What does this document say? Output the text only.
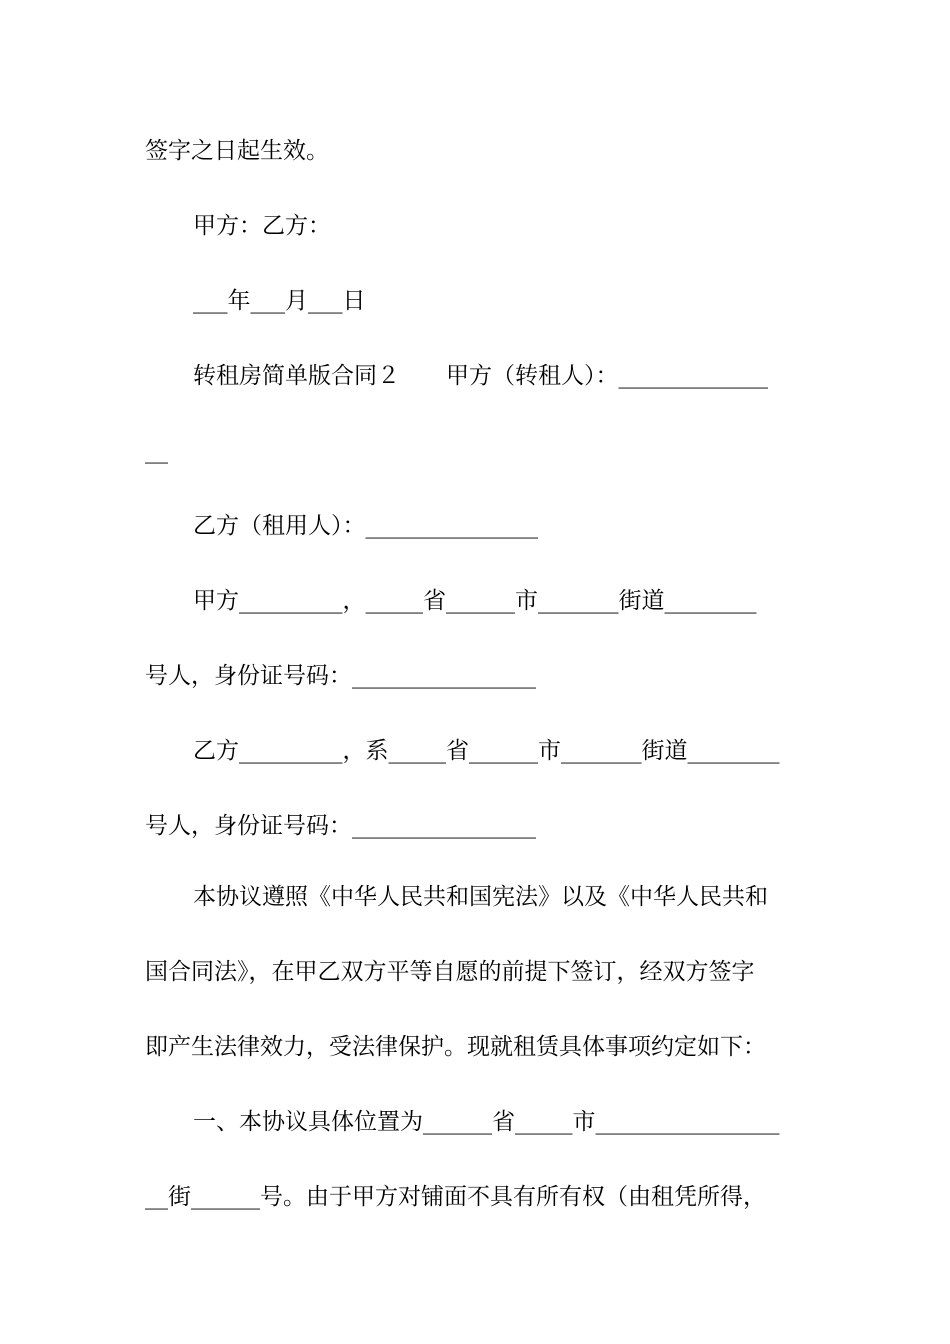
签字之日起生效。
甲方：乙方：
___年___月___日
转租房简单版合同２　　甲方（转租人）：_____________
__
乙方（租用人）：_______________
甲方_________，_____省______市_______街道________
号人，身份证号码：________________
乙方_________，系_____省______市_______街道________
号人，身份证号码：________________
本协议遵照《中华人民共和国宪法》以及《中华人民共和
国合同法》，在甲乙双方平等自愿的前提下签订，经双方签字
即产生法律效力，受法律保护。现就租赁具体事项约定如下：
一、本协议具体位置为______省_____市________________
__街______号。由于甲方对铺面不具有所有权（由租凭所得，
